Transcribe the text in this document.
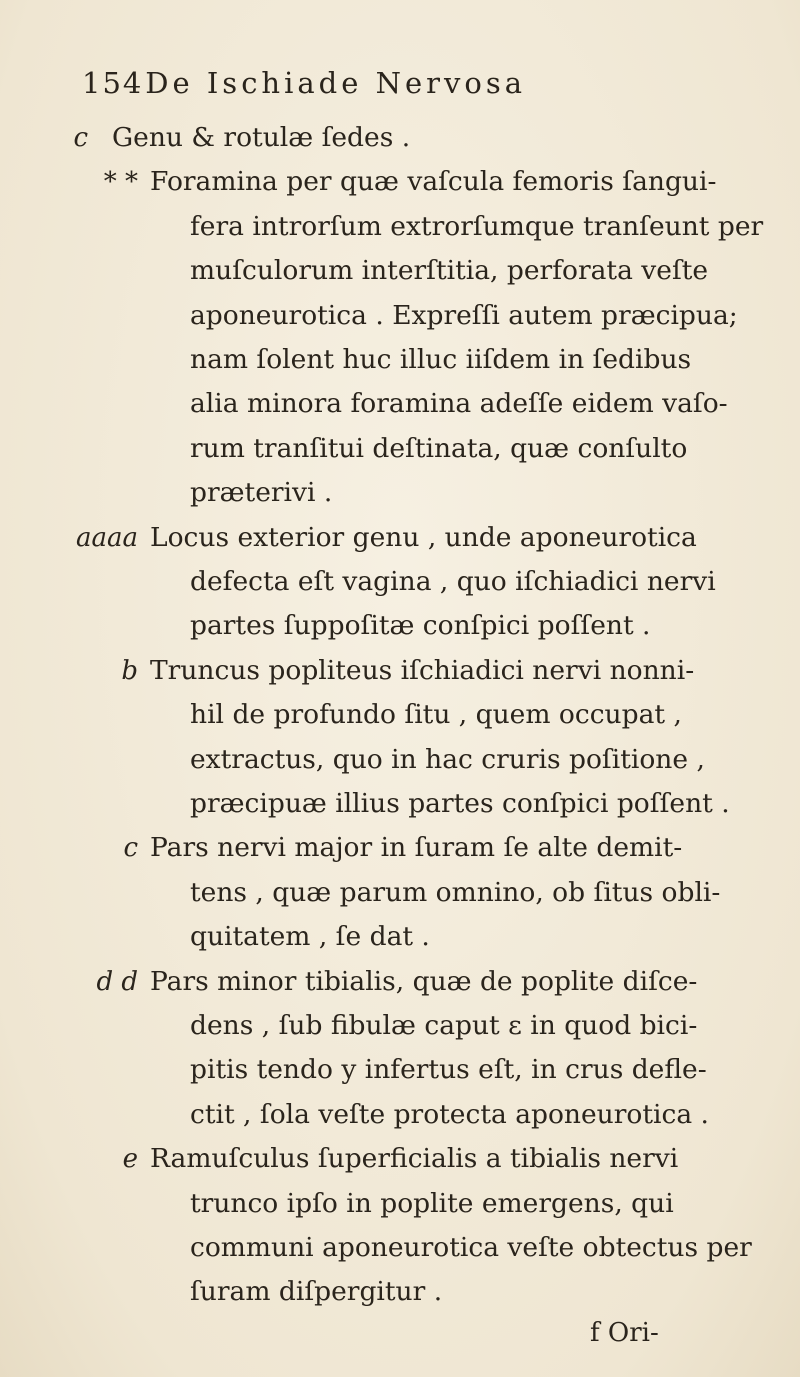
154 De Ischiade Nervosa
c Genu & rotulæ ſedes .
* * Foramina per quæ vaſcula femoris ſangui-
fera introrſum extrorſumque tranſeunt per
muſculorum interſtitia, perforata veſte
aponeurotica . Expreſſi autem præcipua;
nam ſolent huc illuc iiſdem in ſedibus
alia minora foramina adeſſe eidem vaſo-
rum tranſitui deſtinata, quæ conſulto
præterivi .
aaaa Locus exterior genu , unde aponeurotica
defecta eſt vagina , quo iſchiadici nervi
partes ſuppoſitæ conſpici poſſent .
b Truncus popliteus iſchiadici nervi nonni-
hil de profundo ſitu , quem occupat ,
extractus, quo in hac cruris poſitione ,
præcipuæ illius partes conſpici poſſent .
c Pars nervi major in ſuram ſe alte demit-
tens , quæ parum omnino, ob ſitus obli-
quitatem , ſe dat .
d d Pars minor tibialis, quæ de poplite diſce-
dens , ſub fibulæ caput ε in quod bici-
pitis tendo y infertus eſt, in crus defle-
ctit , ſola veſte protecta aponeurotica .
e Ramuſculus ſuperficialis a tibialis nervi
trunco ipſo in poplite emergens, qui
communi aponeurotica veſte obtectus per
ſuram diſpergitur .
f Ori-
